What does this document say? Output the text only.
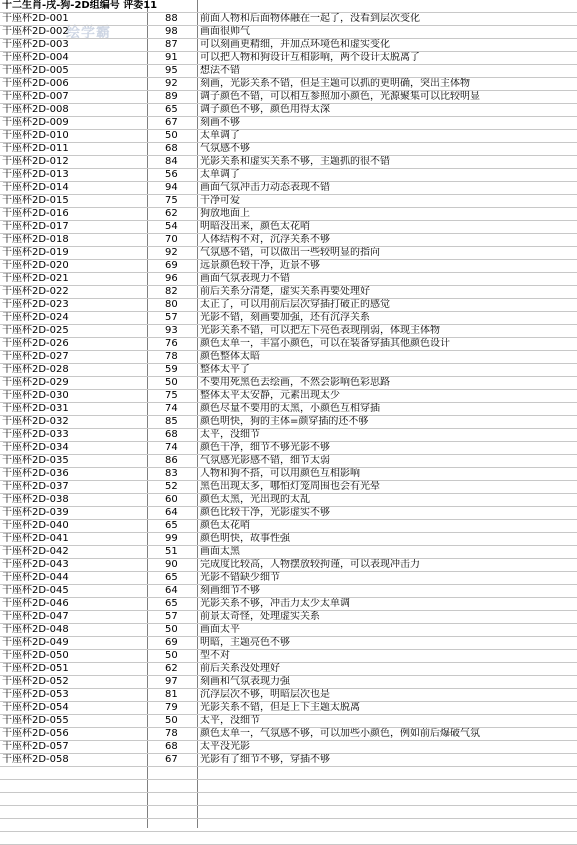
十二生肖-戌-狗-2D组编号 评委11
绘学霸
干座杯2D-001	88	前面人物和后面物体融在一起了，没看到层次变化
干座杯2D-002	98	画面很帅气
干座杯2D-003	87	可以刻画更精细，并加点环境色和虚实变化
干座杯2D-004	91	可以把人物和狗设计互相影响，两个设计太脱离了
干座杯2D-005	95	想法不错
干座杯2D-006	92	刻画，光影关系不错，但是主题可以抓的更明确，突出主体物
干座杯2D-007	89	调子颜色不错，可以相互参照加小颜色，光源聚集可以比较明显
干座杯2D-008	65	调子颜色不够，颜色用得太深
干座杯2D-009	67	刻画不够
干座杯2D-010	50	太单调了
干座杯2D-011	68	气氛感不够
干座杯2D-012	84	光影关系和虚实关系不够，主题抓的很不错
干座杯2D-013	56	太单调了
干座杯2D-014	94	画面气氛冲击力动态表现不错
干座杯2D-015	75	干净可爱
干座杯2D-016	62	狗放地面上
干座杯2D-017	54	明暗没出来，颜色太花哨
干座杯2D-018	70	人体结构不对，沉浮关系不够
干座杯2D-019	92	气氛感不错，可以做出一些较明显的指向
干座杯2D-020	69	远景颜色较干净，近景不够
干座杯2D-021	96	画面气氛表现力不错
干座杯2D-022	82	前后关系分清楚，虚实关系再要处理好
干座杯2D-023	80	太正了，可以用前后层次穿插打破正的感觉
干座杯2D-024	57	光影不错，刻画要加强，还有沉浮关系
干座杯2D-025	93	光影关系不错，可以把左下亮色表现削弱，体现主体物
干座杯2D-026	76	颜色太单一，丰富小颜色，可以在装备穿插其他颜色设计
干座杯2D-027	78	颜色整体太暗
干座杯2D-028	59	整体太平了
干座杯2D-029	50	不要用死黑色去绘画，不然会影响色彩思路
干座杯2D-030	75	整体太平太安静，元素出现太少
干座杯2D-031	74	颜色尽量不要用的太黑，小颜色互相穿插
干座杯2D-032	85	颜色明快，狗的主体=颜穿插的还不够
干座杯2D-033	68	太平，没细节
干座杯2D-034	74	颜色干净，细节不够光影不够
干座杯2D-035	86	气氛感光影感不错，细节太弱
干座杯2D-036	83	人物和狗不搭，可以用颜色互相影响
干座杯2D-037	52	黑色出现太多，哪怕灯笼周围也会有光晕
干座杯2D-038	60	颜色太黑，光出现的太乱
干座杯2D-039	64	颜色比较干净，光影虚实不够
干座杯2D-040	65	颜色太花哨
干座杯2D-041	99	颜色明快，故事性强
干座杯2D-042	51	画面太黑
干座杯2D-043	90	完成度比较高，人物摆放较拘谨，可以表现冲击力
干座杯2D-044	65	光影不错缺少细节
干座杯2D-045	64	刻画细节不够
干座杯2D-046	65	光影关系不够，冲击力太少太单调
干座杯2D-047	57	前景太奇怪，处理虚实关系
干座杯2D-048	50	画面太平
干座杯2D-049	69	明暗，主题亮色不够
干座杯2D-050	50	型不对
干座杯2D-051	62	前后关系没处理好
干座杯2D-052	97	刻画和气氛表现力强
干座杯2D-053	81	沉浮层次不够，明暗层次也是
干座杯2D-054	79	光影关系不错，但是上下主题太脱离
干座杯2D-055	50	太平，没细节
干座杯2D-056	78	颜色太单一，气氛感不够，可以加些小颜色，例如前后爆破气氛
干座杯2D-057	68	太平没光影
干座杯2D-058	67	光影有了细节不够，穿插不够
